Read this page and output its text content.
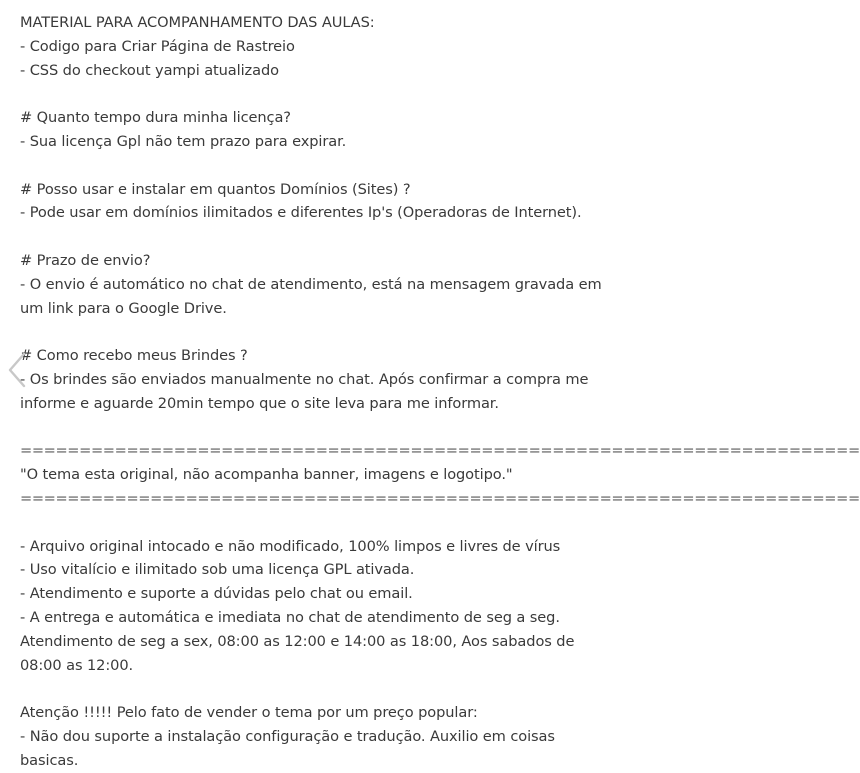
MATERIAL PARA ACOMPANHAMENTO DAS AULAS:
- Codigo para Criar Página de Rastreio
- CSS do checkout yampi atualizado
# Quanto tempo dura minha licença?
- Sua licença Gpl não tem prazo para expirar.
# Posso usar e instalar em quantos Domínios (Sites) ?
- Pode usar em domínios ilimitados e diferentes Ip's (Operadoras de Internet).
# Prazo de envio?
- O envio é automático no chat de atendimento, está na mensagem gravada em
um link para o Google Drive.
# Como recebo meus Brindes ?
- Os brindes são enviados manualmente no chat. Após confirmar a compra me
informe e aguarde 20min tempo que o site leva para me informar.
=======================================================================
"O tema esta original, não acompanha banner, imagens e logotipo."
=======================================================================
- Arquivo original intocado e não modificado, 100% limpos e livres de vírus
- Uso vitalício e ilimitado sob uma licença GPL ativada.
- Atendimento e suporte a dúvidas pelo chat ou email.
- A entrega e automática e imediata no chat de atendimento de seg a seg.
Atendimento de seg a sex, 08:00 as 12:00 e 14:00 as 18:00, Aos sabados de
08:00 as 12:00.
Atenção !!!!! Pelo fato de vender o tema por um preço popular:
- Não dou suporte a instalação configuração e tradução. Auxilio em coisas
basicas.
